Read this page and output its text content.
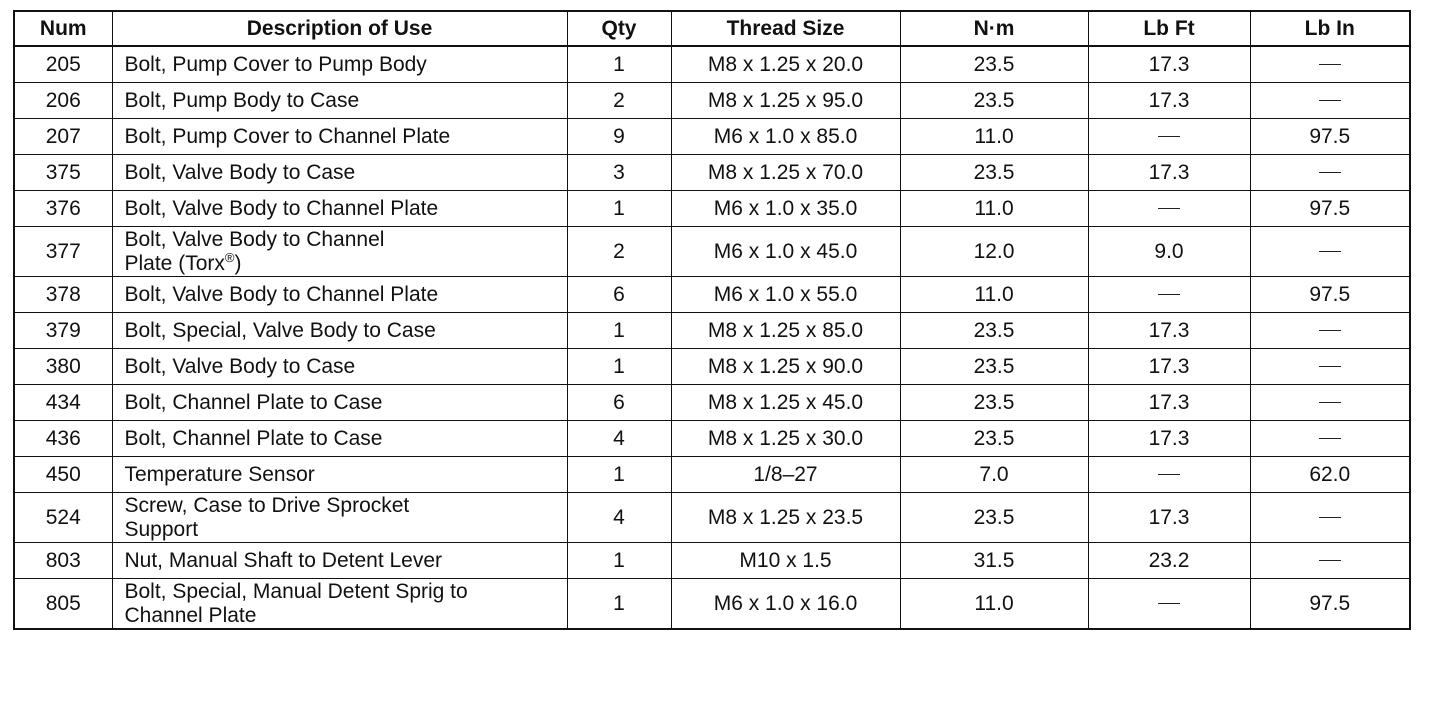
Num	Description of Use	Qty	Thread Size	N·m	Lb Ft	Lb In
205	Bolt, Pump Cover to Pump Body	1	M8 x 1.25 x 20.0	23.5	17.3	
206	Bolt, Pump Body to Case	2	M8 x 1.25 x 95.0	23.5	17.3	
207	Bolt, Pump Cover to Channel Plate	9	M6 x 1.0 x 85.0	11.0		97.5
375	Bolt, Valve Body to Case	3	M8 x 1.25 x 70.0	23.5	17.3	
376	Bolt, Valve Body to Channel Plate	1	M6 x 1.0 x 35.0	11.0		97.5
377	Bolt, Valve Body to Channel
Plate (Torx®)	2	M6 x 1.0 x 45.0	12.0	9.0	
378	Bolt, Valve Body to Channel Plate	6	M6 x 1.0 x 55.0	11.0		97.5
379	Bolt, Special, Valve Body to Case	1	M8 x 1.25 x 85.0	23.5	17.3	
380	Bolt, Valve Body to Case	1	M8 x 1.25 x 90.0	23.5	17.3	
434	Bolt, Channel Plate to Case	6	M8 x 1.25 x 45.0	23.5	17.3	
436	Bolt, Channel Plate to Case	4	M8 x 1.25 x 30.0	23.5	17.3	
450	Temperature Sensor	1	1/8–27	7.0		62.0
524	Screw, Case to Drive Sprocket
Support	4	M8 x 1.25 x 23.5	23.5	17.3	
803	Nut, Manual Shaft to Detent Lever	1	M10 x 1.5	31.5	23.2	
805	Bolt, Special, Manual Detent Sprig to
Channel Plate	1	M6 x 1.0 x 16.0	11.0		97.5
